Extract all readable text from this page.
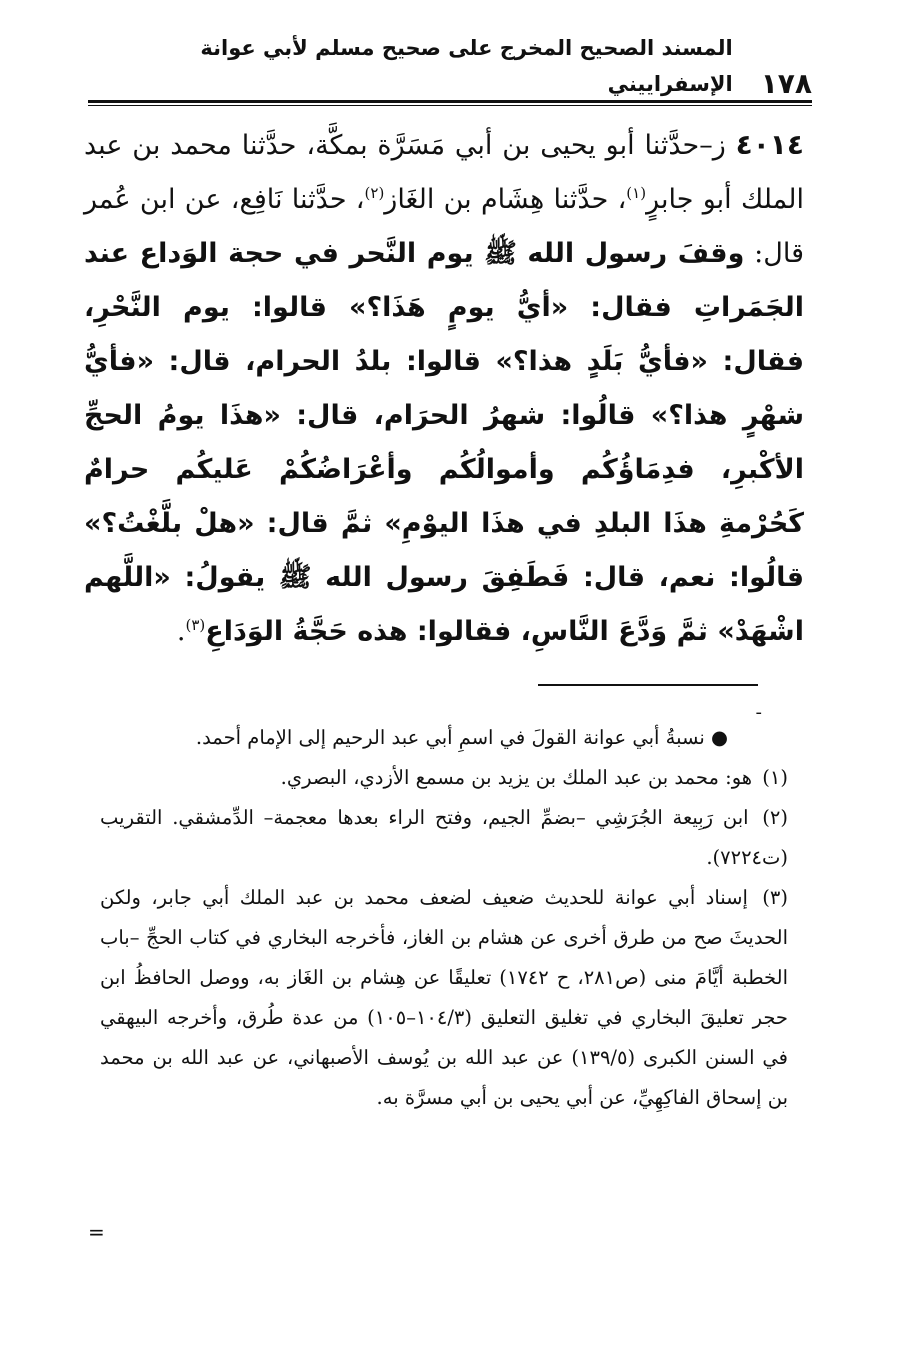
١٧٨
المسند الصحيح المخرج على صحيح مسلم لأبي عوانة الإسفراييني

٤٠١٤ ز–حدَّثنا أبو يحيى بن أبي مَسَرَّة بمكَّة، حدَّثنا محمد بن عبد الملك أبو جابرٍ$^{(١)}$، حدَّثنا هِشَام بن الغَاز$^{(٢)}$، حدَّثنا نَافِع، عن ابن عُمر قال: وقفَ رسول الله ﷺ يوم النَّحر في حجة الوَداع عند الجَمَراتِ فقال: «أيُّ يومٍ هَذَا؟» قالوا: يوم النَّحْرِ، فقال: «فأيُّ بَلَدٍ هذا؟» قالوا: بلدُ الحرام، قال: «فأيُّ شهْرٍ هذا؟» قالُوا: شهرُ الحرَام، قال: «هذَا يومُ الحجِّ الأكْبرِ، فدِمَاؤُكُم وأموالُكُم وأعْرَاضُكُمْ عَليكُم حرامٌ كَحُرْمةِ هذَا البلدِ في هذَا اليوْمِ» ثمَّ قال: «هلْ بلَّغْتُ؟» قالُوا: نعم، قال: فَطَفِقَ رسول الله ﷺ يقولُ: «اللَّهم اشْهَدْ» ثمَّ وَدَّعَ النَّاسِ، فقالوا: هذه حَجَّةُ الوَدَاعِ$^{(٣)}$.

-

● نسبةُ أبي عوانة القولَ في اسمِ أبي عبد الرحيم إلى الإمام أحمد.

(١) هو: محمد بن عبد الملك بن يزيد بن مسمع الأزدي، البصري.

(٢) ابن رَبِيعة الجُرَشِي –بضمِّ الجيم، وفتح الراء بعدها معجمة– الدِّمشقي. التقريب (ت٧٢٢٤).

(٣) إسناد أبي عوانة للحديث ضعيف لضعف محمد بن عبد الملك أبي جابر، ولكن الحديثَ صح من طرق أخرى عن هشام بن الغاز، فأخرجه البخاري في كتاب الحجِّ –باب الخطبة أيَّامَ منى (ص٢٨١، ح ١٧٤٢) تعليقًا عن هِشام بن الغَاز به، ووصل الحافظُ ابن حجر تعليقَ البخاري في تغليق التعليق (١٠٤/٣–١٠٥) من عدة طُرق، وأخرجه البيهقي في السنن الكبرى (١٣٩/٥) عن عبد الله بن يُوسف الأصبهاني، عن عبد الله بن محمد بن إسحاق الفاكِهِيِّ، عن أبي يحيى بن أبي مسرَّة به.

=
